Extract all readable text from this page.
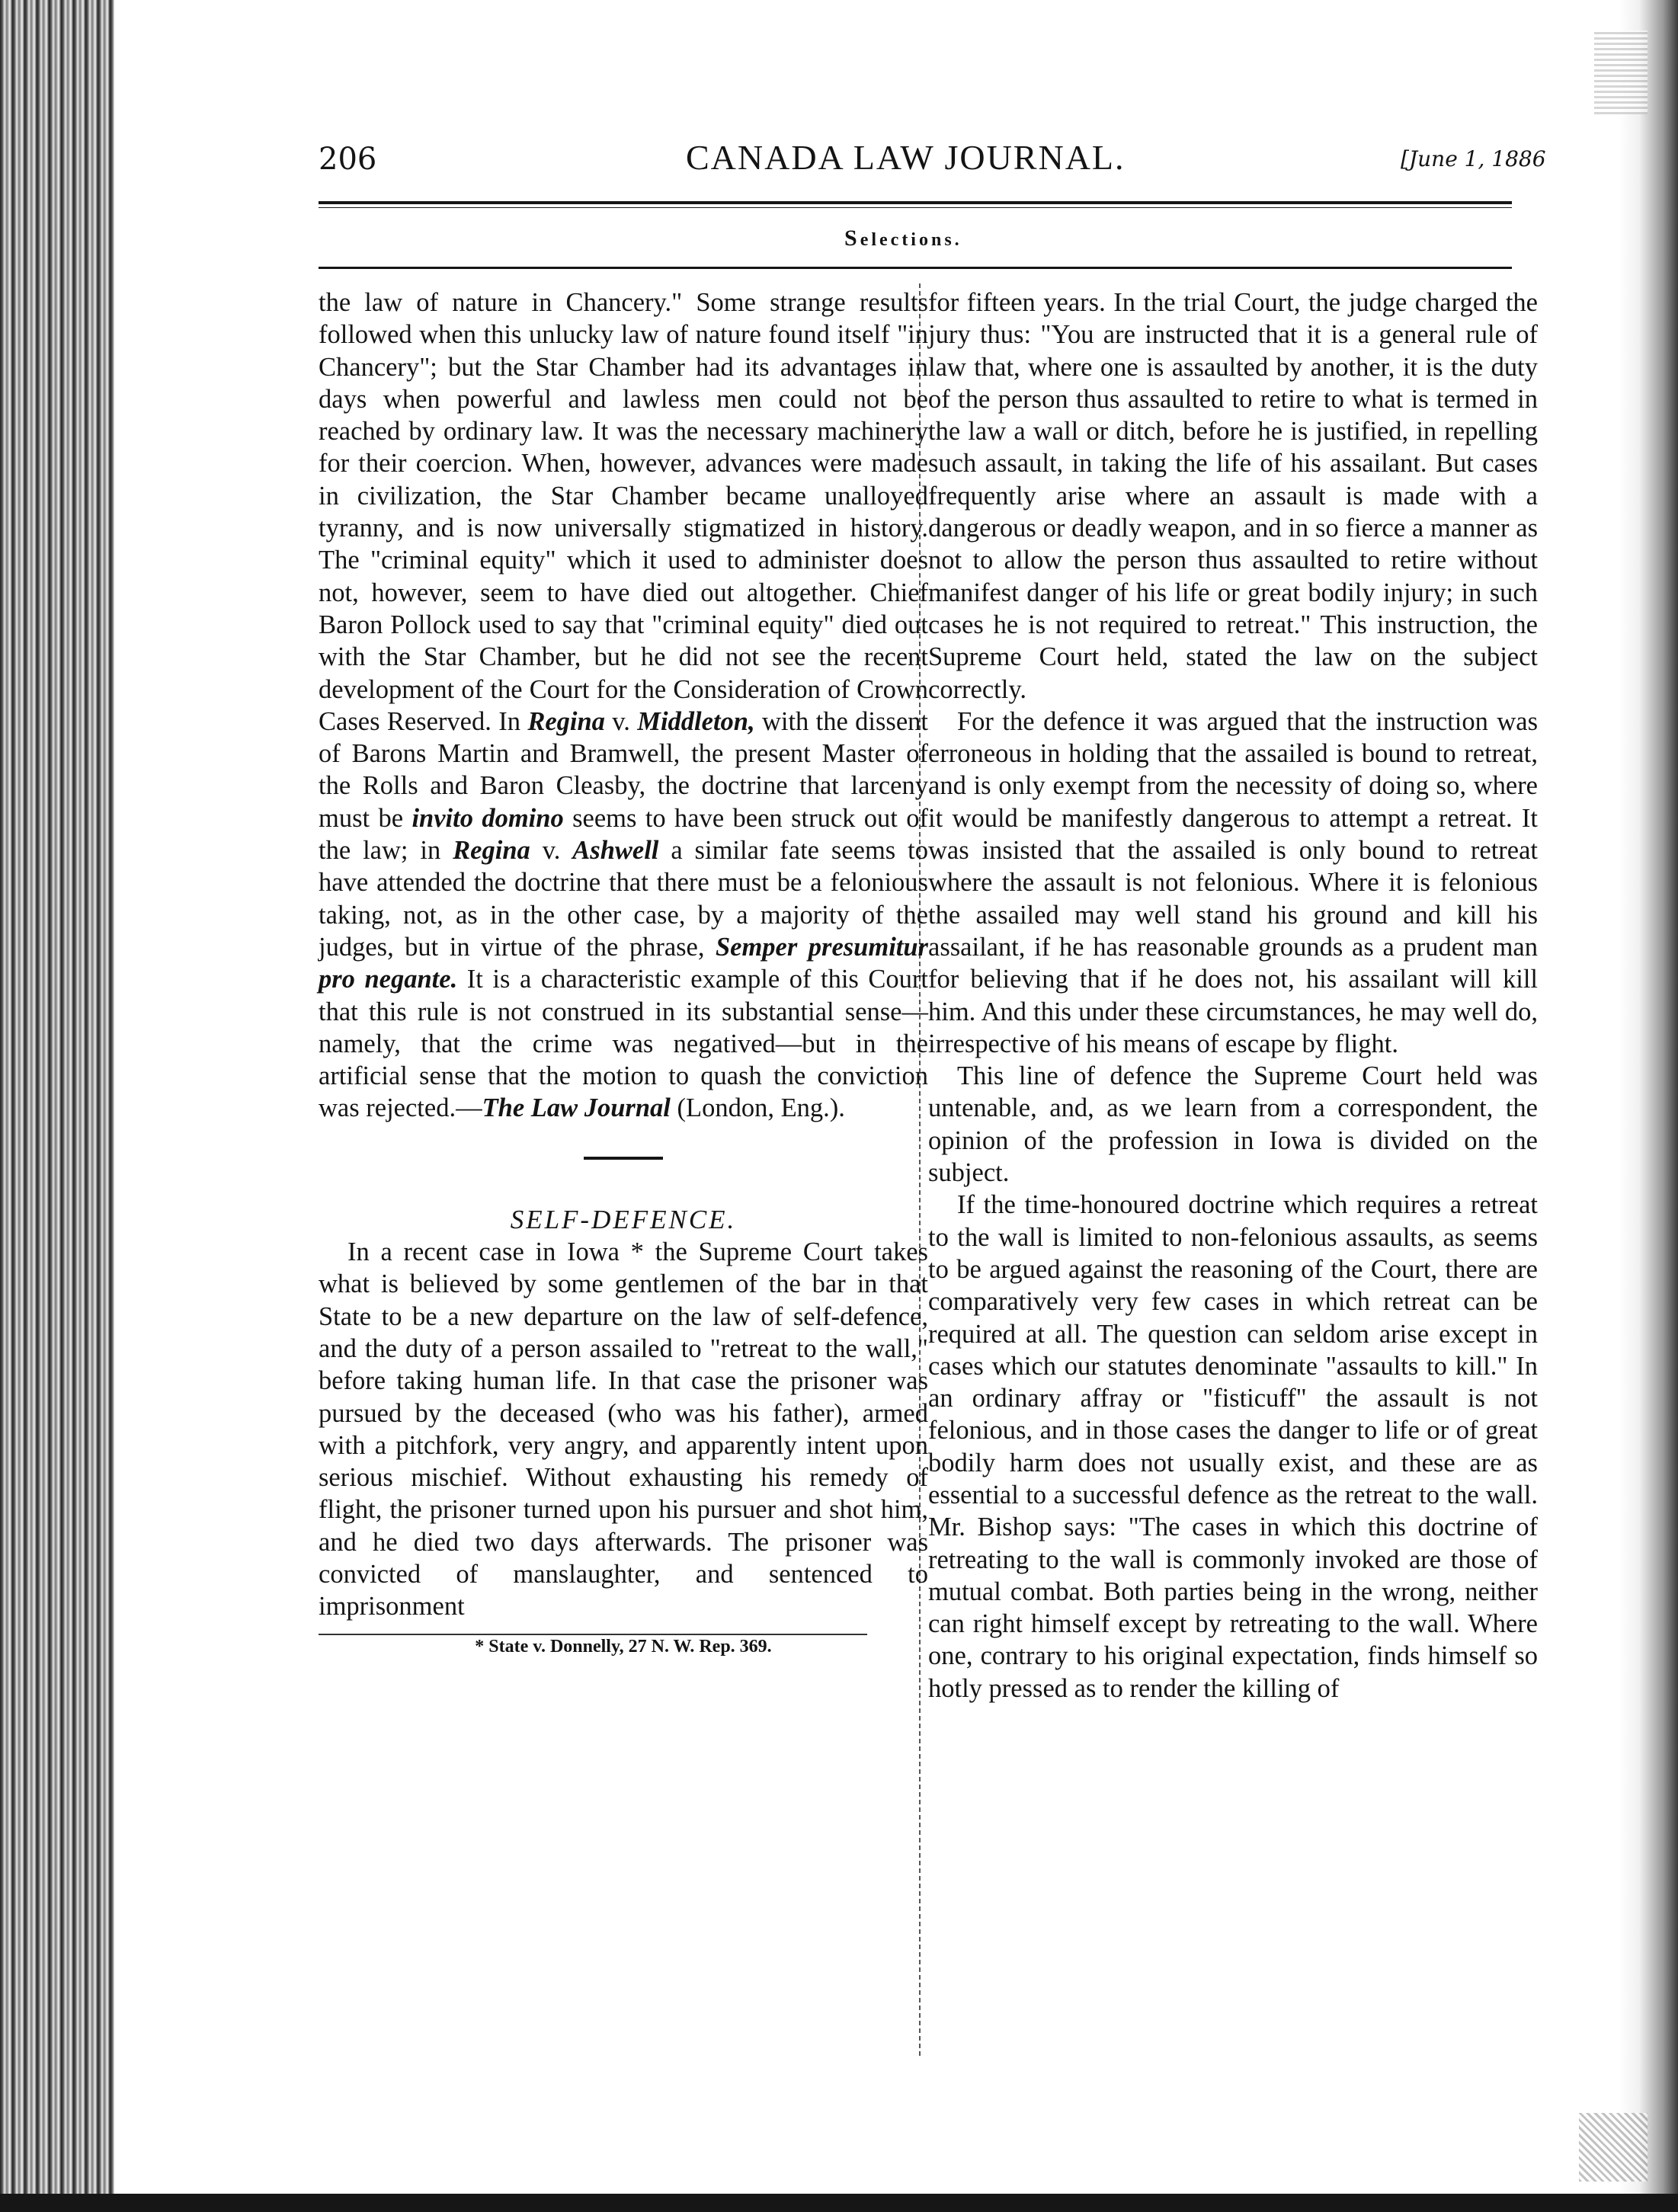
206	CANADA LAW JOURNAL.	[June 1, 1886
Selections.

the law of nature in Chancery." Some strange results followed when this unlucky law of nature found itself "in Chancery"; but the Star Chamber had its advantages in days when powerful and lawless men could not be reached by ordinary law. It was the necessary machinery for their coercion. When, however, advances were made in civilization, the Star Chamber became unalloyed tyranny, and is now universally stigmatized in history. The "criminal equity" which it used to administer does not, however, seem to have died out altogether. Chief Baron Pollock used to say that "criminal equity" died out with the Star Chamber, but he did not see the recent development of the Court for the Consideration of Crown Cases Reserved. In Regina v. Middleton, with the dissent of Barons Martin and Bramwell, the present Master of the Rolls and Baron Cleasby, the doctrine that larceny must be invito domino seems to have been struck out of the law; in Regina v. Ashwell a similar fate seems to have attended the doctrine that there must be a felonious taking, not, as in the other case, by a majority of the judges, but in virtue of the phrase, Semper presumitur pro negante. It is a characteristic example of this Court that this rule is not construed in its substantial sense—namely, that the crime was negatived—but in the artificial sense that the motion to quash the conviction was rejected.—The Law Journal (London, Eng.).

SELF-DEFENCE.

In a recent case in Iowa * the Supreme Court takes what is believed by some gentlemen of the bar in that State to be a new departure on the law of self-defence, and the duty of a person assailed to "retreat to the wall," before taking human life. In that case the prisoner was pursued by the deceased (who was his father), armed with a pitchfork, very angry, and apparently intent upon serious mischief. Without exhausting his remedy of flight, the prisoner turned upon his pursuer and shot him, and he died two days afterwards. The prisoner was convicted of manslaughter, and sentenced to imprisonment

* State v. Donnelly, 27 N. W. Rep. 369.

for fifteen years. In the trial Court, the judge charged the jury thus: "You are instructed that it is a general rule of law that, where one is assaulted by another, it is the duty of the person thus assaulted to retire to what is termed in the law a wall or ditch, before he is justified, in repelling such assault, in taking the life of his assailant. But cases frequently arise where an assault is made with a dangerous or deadly weapon, and in so fierce a manner as not to allow the person thus assaulted to retire without manifest danger of his life or great bodily injury; in such cases he is not required to retreat." This instruction, the Supreme Court held, stated the law on the subject correctly.

For the defence it was argued that the instruction was erroneous in holding that the assailed is bound to retreat, and is only exempt from the necessity of doing so, where it would be manifestly dangerous to attempt a retreat. It was insisted that the assailed is only bound to retreat where the assault is not felonious. Where it is felonious the assailed may well stand his ground and kill his assailant, if he has reasonable grounds as a prudent man for believing that if he does not, his assailant will kill him. And this under these circumstances, he may well do, irrespective of his means of escape by flight.

This line of defence the Supreme Court held was untenable, and, as we learn from a correspondent, the opinion of the profession in Iowa is divided on the subject.

If the time-honoured doctrine which requires a retreat to the wall is limited to non-felonious assaults, as seems to be argued against the reasoning of the Court, there are comparatively very few cases in which retreat can be required at all. The question can seldom arise except in cases which our statutes denominate "assaults to kill." In an ordinary affray or "fisticuff" the assault is not felonious, and in those cases the danger to life or of great bodily harm does not usually exist, and these are as essential to a successful defence as the retreat to the wall. Mr. Bishop says: "The cases in which this doctrine of retreating to the wall is commonly invoked are those of mutual combat. Both parties being in the wrong, neither can right himself except by retreating to the wall. Where one, contrary to his original expectation, finds himself so hotly pressed as to render the killing of
